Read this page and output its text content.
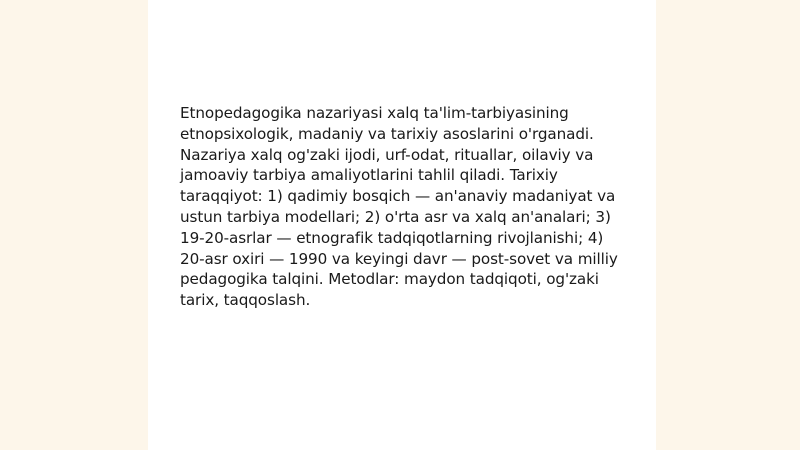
Etnopedagogika nazariyasi xalq ta'lim-tarbiyasining etnopsixologik, madaniy va tarixiy asoslarini o'rganadi. Nazariya xalq og'zaki ijodi, urf-odat, rituallar, oilaviy va jamoaviy tarbiya amaliyotlarini tahlil qiladi. Tarixiy taraqqiyot: 1) qadimiy bosqich — an'anaviy madaniyat va ustun tarbiya modellari; 2) o'rta asr va xalq an'analari; 3) 19-20-asrlar — etnografik tadqiqotlarning rivojlanishi; 4) 20-asr oxiri — 1990 va keyingi davr — post-sovet va milliy pedagogika talqini. Metodlar: maydon tadqiqoti, og'zaki tarix, taqqoslash.
